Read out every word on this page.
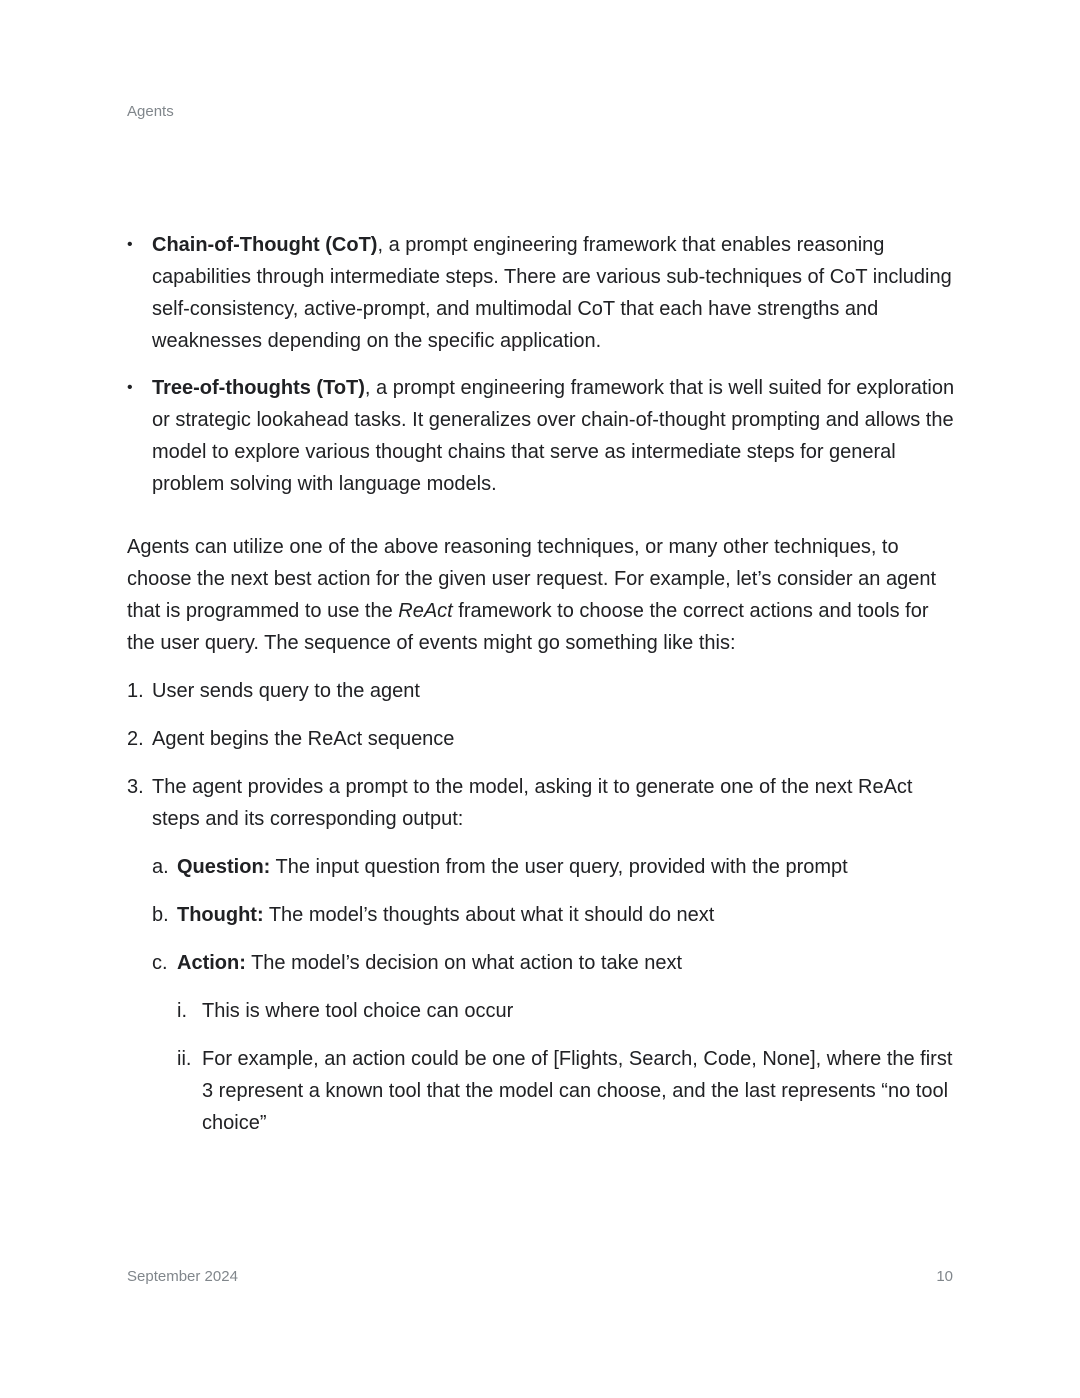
Agents
• Chain-of-Thought (CoT), a prompt engineering framework that enables reasoning capabilities through intermediate steps. There are various sub-techniques of CoT including self-consistency, active-prompt, and multimodal CoT that each have strengths and weaknesses depending on the specific application.
• Tree-of-thoughts (ToT), a prompt engineering framework that is well suited for exploration or strategic lookahead tasks. It generalizes over chain-of-thought prompting and allows the model to explore various thought chains that serve as intermediate steps for general problem solving with language models.

Agents can utilize one of the above reasoning techniques, or many other techniques, to choose the next best action for the given user request. For example, let’s consider an agent that is programmed to use the ReAct framework to choose the correct actions and tools for the user query. The sequence of events might go something like this:

1. User sends query to the agent
2. Agent begins the ReAct sequence
3. The agent provides a prompt to the model, asking it to generate one of the next ReAct steps and its corresponding output:
a. Question: The input question from the user query, provided with the prompt
b. Thought: The model’s thoughts about what it should do next
c. Action: The model’s decision on what action to take next
i. This is where tool choice can occur
ii. For example, an action could be one of [Flights, Search, Code, None], where the first 3 represent a known tool that the model can choose, and the last represents “no tool choice”
September 2024	10
